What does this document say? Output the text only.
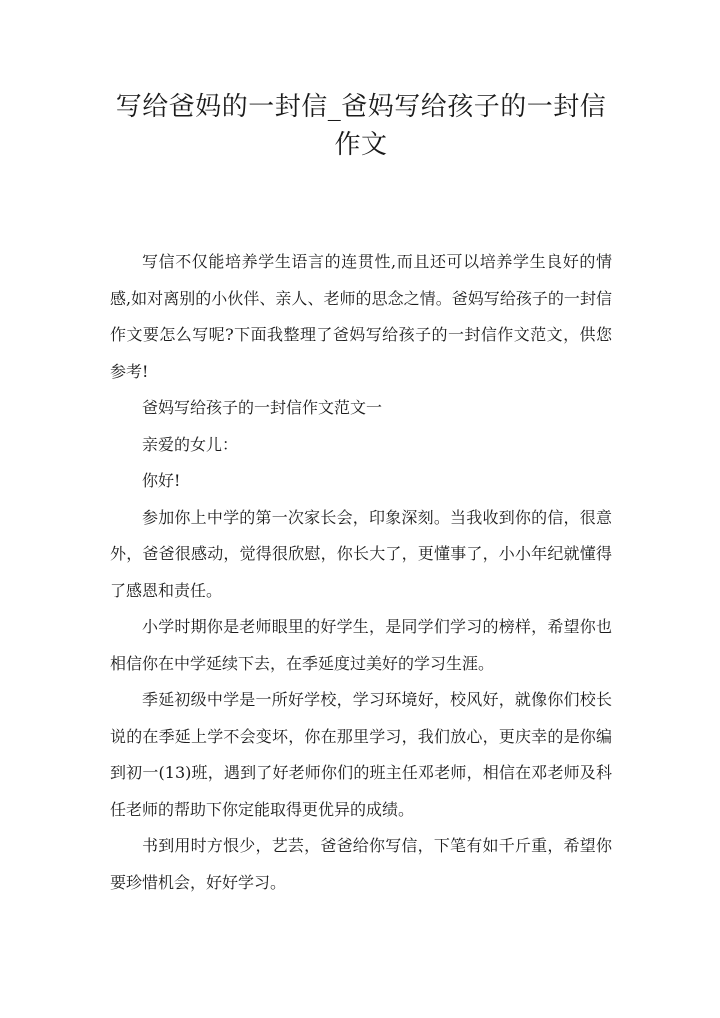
写给爸妈的一封信_爸妈写给孩子的一封信作文

写信不仅能培养学生语言的连贯性,而且还可以培养学生良好的情感,如对离别的小伙伴、亲人、老师的思念之情。爸妈写给孩子的一封信作文要怎么写呢?下面我整理了爸妈写给孩子的一封信作文范文，供您参考!

爸妈写给孩子的一封信作文范文一

亲爱的女儿：

你好!

参加你上中学的第一次家长会，印象深刻。当我收到你的信，很意外，爸爸很感动，觉得很欣慰，你长大了，更懂事了，小小年纪就懂得了感恩和责任。

小学时期你是老师眼里的好学生，是同学们学习的榜样，希望你也相信你在中学延续下去，在季延度过美好的学习生涯。

季延初级中学是一所好学校，学习环境好，校风好，就像你们校长说的在季延上学不会变坏，你在那里学习，我们放心，更庆幸的是你编到初一(13)班，遇到了好老师你们的班主任邓老师，相信在邓老师及科任老师的帮助下你定能取得更优异的成绩。

书到用时方恨少，艺芸，爸爸给你写信，下笔有如千斤重，希望你要珍惜机会，好好学习。
